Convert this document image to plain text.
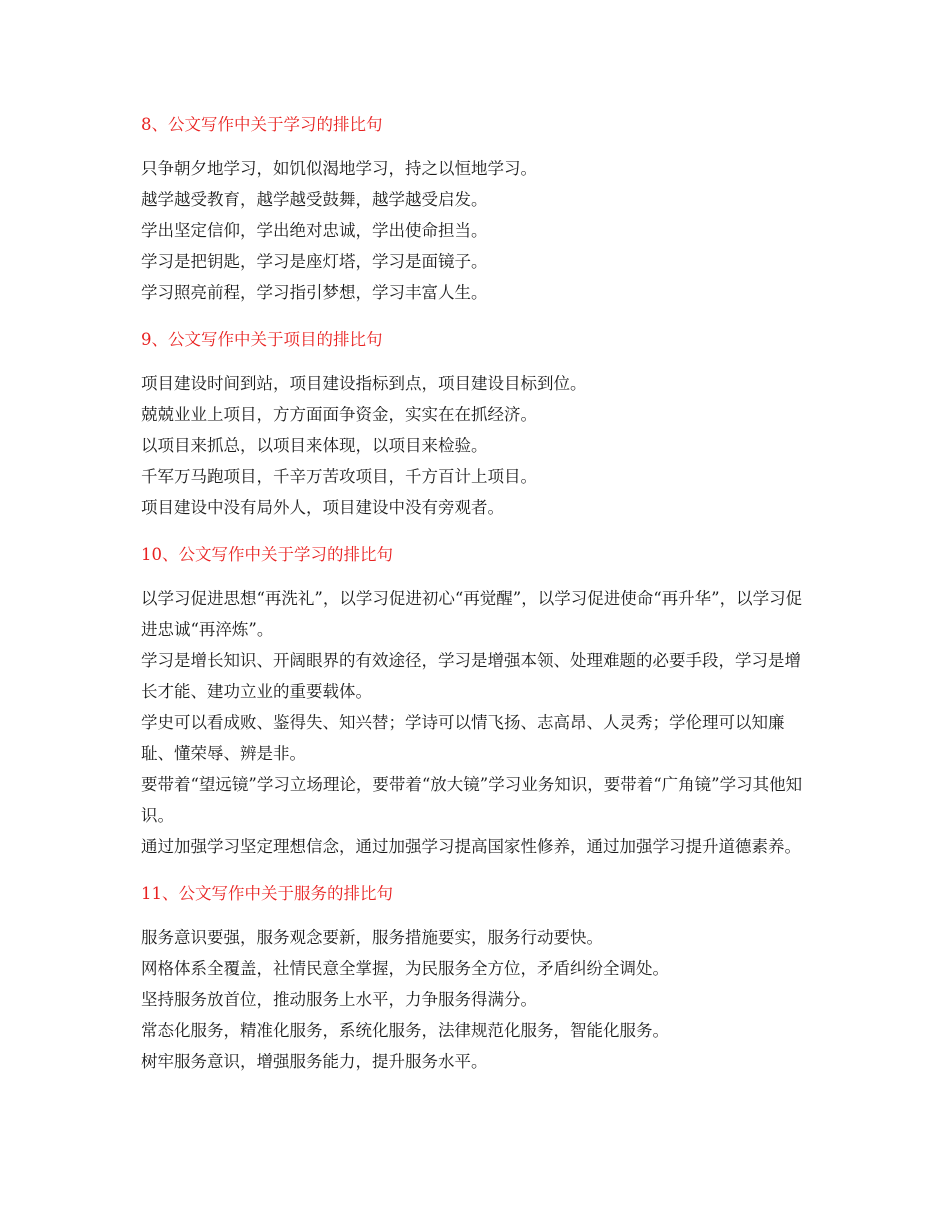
8、公文写作中关于学习的排比句

只争朝夕地学习，如饥似渴地学习，持之以恒地学习。

越学越受教育，越学越受鼓舞，越学越受启发。

学出坚定信仰，学出绝对忠诚，学出使命担当。

学习是把钥匙，学习是座灯塔，学习是面镜子。

学习照亮前程，学习指引梦想，学习丰富人生。

9、公文写作中关于项目的排比句

项目建设时间到站，项目建设指标到点，项目建设目标到位。

兢兢业业上项目，方方面面争资金，实实在在抓经济。

以项目来抓总，以项目来体现，以项目来检验。

千军万马跑项目，千辛万苦攻项目，千方百计上项目。

项目建设中没有局外人，项目建设中没有旁观者。

10、公文写作中关于学习的排比句

以学习促进思想“再洗礼”，以学习促进初心“再觉醒”，以学习促进使命“再升华”，以学习促进忠诚“再淬炼”。

学习是增长知识、开阔眼界的有效途径，学习是增强本领、处理难题的必要手段，学习是增长才能、建功立业的重要载体。

学史可以看成败、鉴得失、知兴替；学诗可以情飞扬、志高昂、人灵秀；学伦理可以知廉耻、懂荣辱、辨是非。

要带着“望远镜”学习立场理论，要带着“放大镜”学习业务知识，要带着“广角镜”学习其他知识。

通过加强学习坚定理想信念，通过加强学习提高国家性修养，通过加强学习提升道德素养。

11、公文写作中关于服务的排比句

服务意识要强，服务观念要新，服务措施要实，服务行动要快。

网格体系全覆盖，社情民意全掌握，为民服务全方位，矛盾纠纷全调处。

坚持服务放首位，推动服务上水平，力争服务得满分。

常态化服务，精准化服务，系统化服务，法律规范化服务，智能化服务。

树牢服务意识，增强服务能力，提升服务水平。
